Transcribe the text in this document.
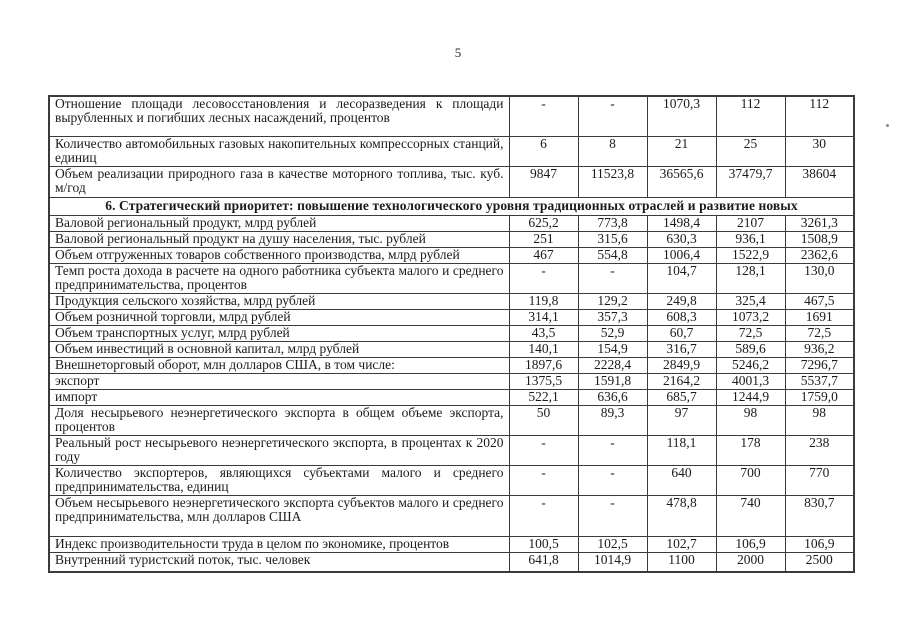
5
Отношение площади лесовосстановления и лесоразведения к площади вырубленных и погибших лесных насаждений, процентов	-	-	1070,3	112	112
Количество автомобильных газовых накопительных компрессорных станций, единиц	6	8	21	25	30
Объем реализации природного газа в качестве моторного топлива, тыс. куб. м/год	9847	11523,8	36565,6	37479,7	38604
6. Стратегический приоритет: повышение технологического уровня традиционных отраслей и развитие новых					
Валовой региональный продукт, млрд рублей	625,2	773,8	1498,4	2107	3261,3
Валовой региональный продукт на душу населения, тыс. рублей	251	315,6	630,3	936,1	1508,9
Объем отгруженных товаров собственного производства, млрд рублей	467	554,8	1006,4	1522,9	2362,6
Темп роста дохода в расчете на одного работника субъекта малого и среднего предпринимательства, процентов	-	-	104,7	128,1	130,0
Продукция сельского хозяйства, млрд рублей	119,8	129,2	249,8	325,4	467,5
Объем розничной торговли, млрд рублей	314,1	357,3	608,3	1073,2	1691
Объем транспортных услуг, млрд рублей	43,5	52,9	60,7	72,5	72,5
Объем инвестиций в основной капитал, млрд рублей	140,1	154,9	316,7	589,6	936,2
Внешнеторговый оборот, млн долларов США, в том числе:	1897,6	2228,4	2849,9	5246,2	7296,7
экспорт	1375,5	1591,8	2164,2	4001,3	5537,7
импорт	522,1	636,6	685,7	1244,9	1759,0
Доля несырьевого неэнергетического экспорта в общем объеме экспорта, процентов	50	89,3	97	98	98
Реальный рост несырьевого неэнергетического экспорта, в процентах к 2020 году	-	-	118,1	178	238
Количество экспортеров, являющихся субъектами малого и среднего предпринимательства, единиц	-	-	640	700	770
Объем несырьевого неэнергетического экспорта субъектов малого и среднего предпринимательства, млн долларов США	-	-	478,8	740	830,7
Индекс производительности труда в целом по экономике, процентов	100,5	102,5	102,7	106,9	106,9
Внутренний туристский поток, тыс. человек	641,8	1014,9	1100	2000	2500
